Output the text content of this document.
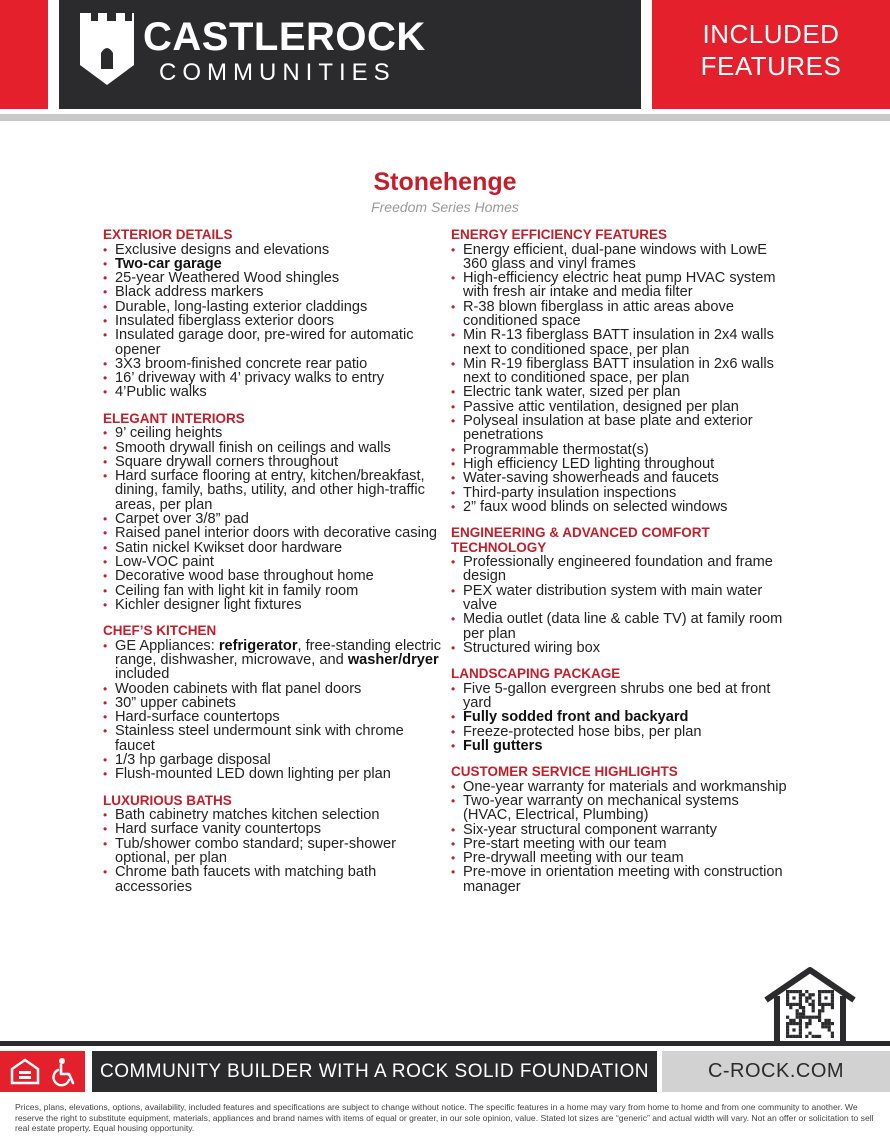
CASTLEROCK
COMMUNITIES
INCLUDED
FEATURES
Stonehenge
Freedom Series Homes
EXTERIOR DETAILS
• Exclusive designs and elevations
• Two-car garage
• 25-year Weathered Wood shingles
• Black address markers
• Durable, long-lasting exterior claddings
• Insulated fiberglass exterior doors
• Insulated garage door, pre-wired for automatic opener
• 3X3 broom-finished concrete rear patio
• 16’ driveway with 4’ privacy walks to entry
• 4’Public walks
ELEGANT INTERIORS
• 9’ ceiling heights
• Smooth drywall finish on ceilings and walls
• Square drywall corners throughout
• Hard surface flooring at entry, kitchen/breakfast, dining, family, baths, utility, and other high-traffic areas, per plan
• Carpet over 3/8” pad
• Raised panel interior doors with decorative casing
• Satin nickel Kwikset door hardware
• Low-VOC paint
• Decorative wood base throughout home
• Ceiling fan with light kit in family room
• Kichler designer light fixtures
CHEF’S KITCHEN
• GE Appliances: refrigerator, free-standing electric range, dishwasher, microwave, and washer/dryer included
• Wooden cabinets with flat panel doors
• 30” upper cabinets
• Hard-surface countertops
• Stainless steel undermount sink with chrome faucet
• 1/3 hp garbage disposal
• Flush-mounted LED down lighting per plan
LUXURIOUS BATHS
• Bath cabinetry matches kitchen selection
• Hard surface vanity countertops
• Tub/shower combo standard; super-shower optional, per plan
• Chrome bath faucets with matching bath accessories
ENERGY EFFICIENCY FEATURES
• Energy efficient, dual-pane windows with LowE 360 glass and vinyl frames
• High-efficiency electric heat pump HVAC system with fresh air intake and media filter
• R-38 blown fiberglass in attic areas above conditioned space
• Min R-13 fiberglass BATT insulation in 2x4 walls next to conditioned space, per plan
• Min R-19 fiberglass BATT insulation in 2x6 walls next to conditioned space, per plan
• Electric tank water, sized per plan
• Passive attic ventilation, designed per plan
• Polyseal insulation at base plate and exterior penetrations
• Programmable thermostat(s)
• High efficiency LED lighting throughout
• Water-saving showerheads and faucets
• Third-party insulation inspections
• 2” faux wood blinds on selected windows
ENGINEERING & ADVANCED COMFORT TECHNOLOGY
• Professionally engineered foundation and frame design
• PEX water distribution system with main water valve
• Media outlet (data line & cable TV) at family room per plan
• Structured wiring box
LANDSCAPING PACKAGE
• Five 5-gallon evergreen shrubs one bed at front yard
• Fully sodded front and backyard
• Freeze-protected hose bibs, per plan
• Full gutters
CUSTOMER SERVICE HIGHLIGHTS
• One-year warranty for materials and workmanship
• Two-year warranty on mechanical systems (HVAC, Electrical, Plumbing)
• Six-year structural component warranty
• Pre-start meeting with our team
• Pre-drywall meeting with our team
• Pre-move in orientation meeting with construction manager
COMMUNITY BUILDER WITH A ROCK SOLID FOUNDATION	C-ROCK.COM
Prices, plans, elevations, options, availability, included features and specifications are subject to change without notice. The specific features in a home may vary from home to home and from one community to another. We reserve the right to substitute equipment, materials, appliances and brand names with items of equal or greater, in our sole opinion, value. Stated lot sizes are “generic” and actual width will vary. Not an offer or solicitation to sell real estate property. Equal housing opportunity.
